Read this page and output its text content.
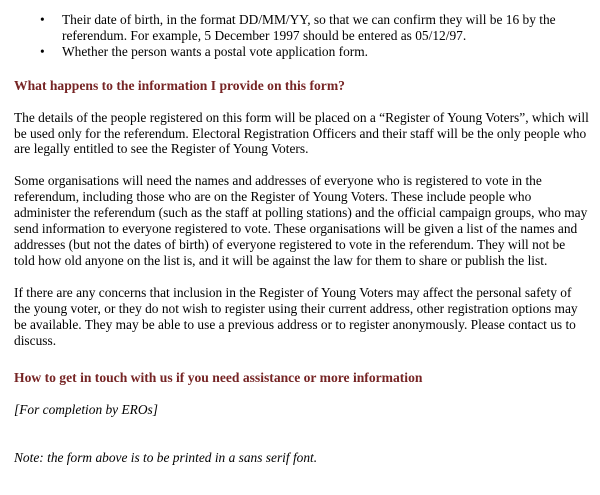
•	Their date of birth, in the format DD/MM/YY, so that we can confirm they will be 16 by the referendum. For example, 5 December 1997 should be entered as 05/12/97.
•	Whether the person wants a postal vote application form.
What happens to the information I provide on this form?

The details of the people registered on this form will be placed on a “Register of Young Voters”, which will be used only for the referendum. Electoral Registration Officers and their staff will be the only people who are legally entitled to see the Register of Young Voters.

Some organisations will need the names and addresses of everyone who is registered to vote in the referendum, including those who are on the Register of Young Voters. These include people who administer the referendum (such as the staff at polling stations) and the official campaign groups, who may send information to everyone registered to vote. These organisations will be given a list of the names and addresses (but not the dates of birth) of everyone registered to vote in the referendum. They will not be told how old anyone on the list is, and it will be against the law for them to share or publish the list.

If there are any concerns that inclusion in the Register of Young Voters may affect the personal safety of the young voter, or they do not wish to register using their current address, other registration options may be available. They may be able to use a previous address or to register anonymously. Please contact us to discuss.

How to get in touch with us if you need assistance or more information

[For completion by EROs]

Note: the form above is to be printed in a sans serif font.
